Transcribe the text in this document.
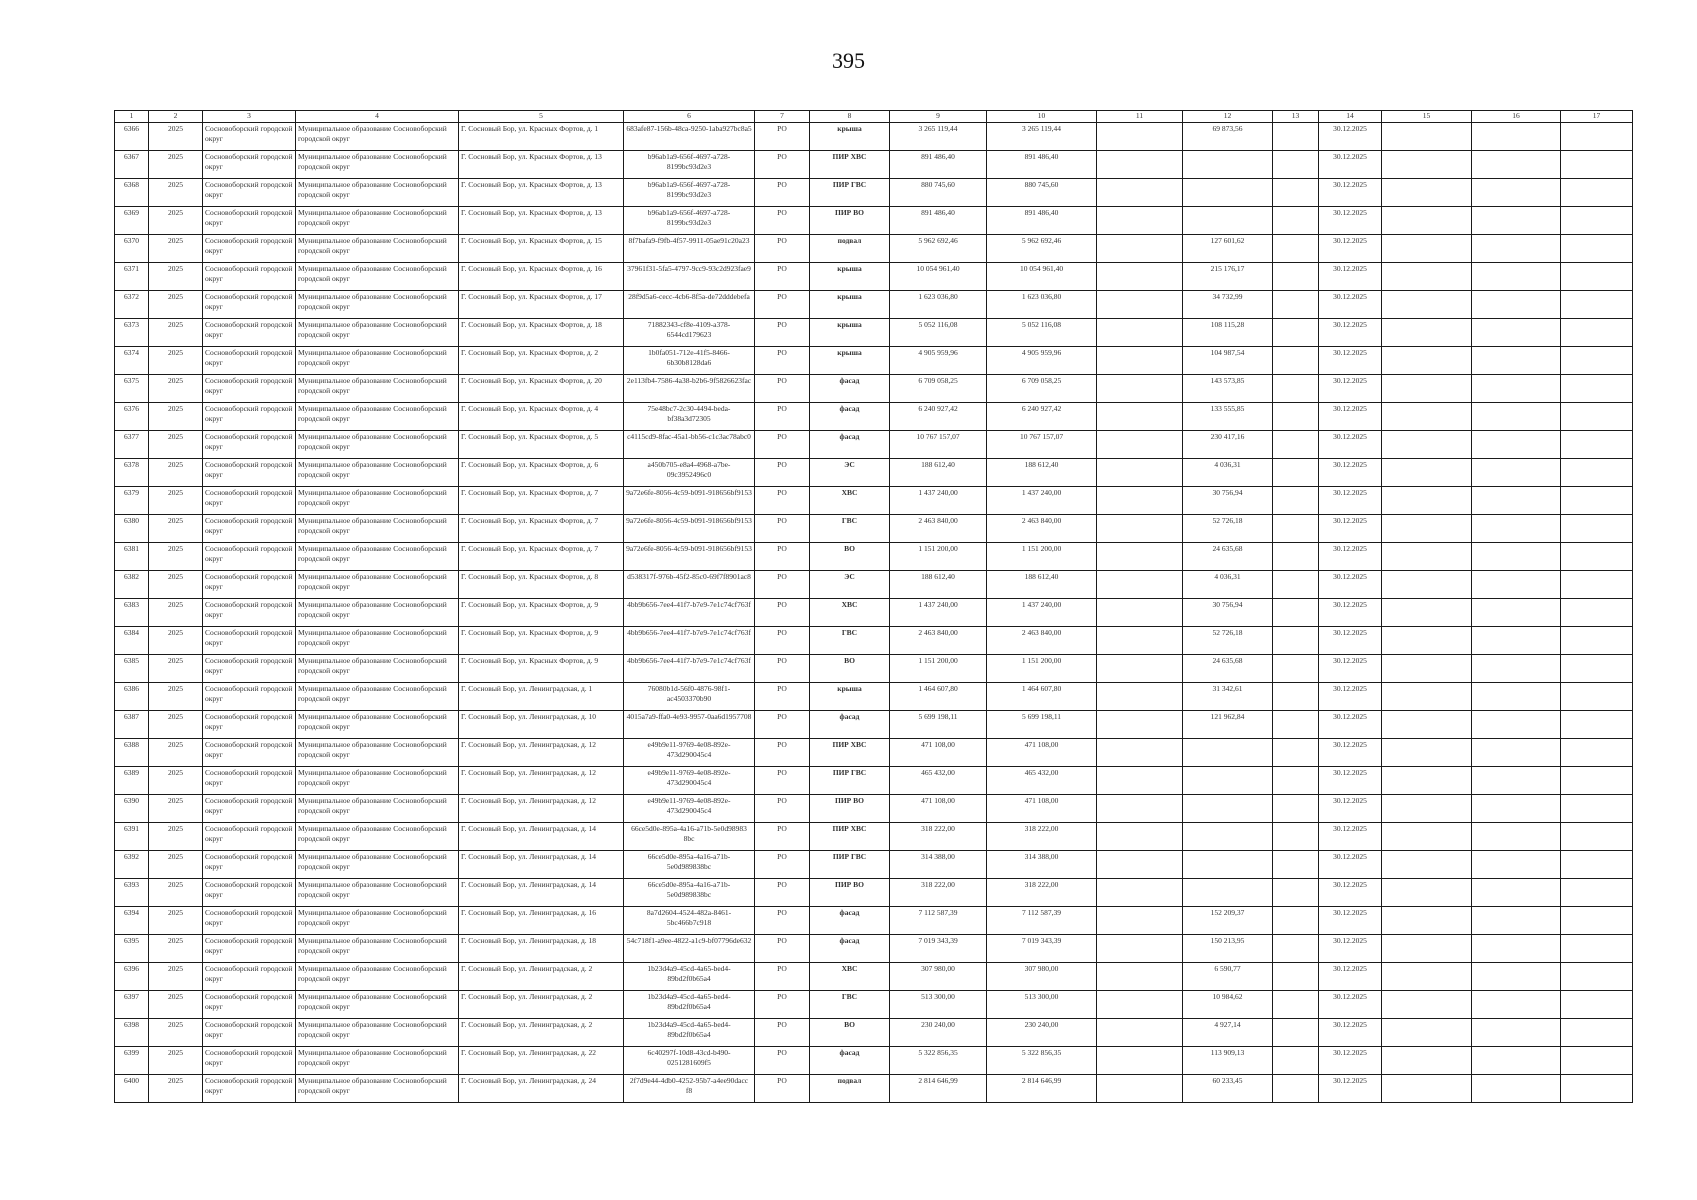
395
1	2	3	4	5	6	7	8	9	10	11	12	13	14	15	16	17
6366	2025	Сосновоборский городской округ	Муниципальное образование Сосновоборский городской округ	Г. Сосновый Бор, ул. Красных Фортов, д. 1	683afe87-156b-48ca-9250-1aba927bc8a5	РО	крыша	3 265 119,44	3 265 119,44		69 873,56		30.12.2025			
6367	2025	Сосновоборский городской округ	Муниципальное образование Сосновоборский городской округ	Г. Сосновый Бор, ул. Красных Фортов, д. 13	b96ab1a9-656f-4697-a728-8199bc93d2e3	РО	ПИР ХВС	891 486,40	891 486,40				30.12.2025			
6368	2025	Сосновоборский городской округ	Муниципальное образование Сосновоборский городской округ	Г. Сосновый Бор, ул. Красных Фортов, д. 13	b96ab1a9-656f-4697-a728-8199bc93d2e3	РО	ПИР ГВС	880 745,60	880 745,60				30.12.2025			
6369	2025	Сосновоборский городской округ	Муниципальное образование Сосновоборский городской округ	Г. Сосновый Бор, ул. Красных Фортов, д. 13	b96ab1a9-656f-4697-a728-8199bc93d2e3	РО	ПИР ВО	891 486,40	891 486,40				30.12.2025			
6370	2025	Сосновоборский городской округ	Муниципальное образование Сосновоборский городской округ	Г. Сосновый Бор, ул. Красных Фортов, д. 15	8f7bafa9-f9fb-4f57-9911-05ae91c20a23	РО	подвал	5 962 692,46	5 962 692,46		127 601,62		30.12.2025			
6371	2025	Сосновоборский городской округ	Муниципальное образование Сосновоборский городской округ	Г. Сосновый Бор, ул. Красных Фортов, д. 16	37961f31-5fa5-4797-9cc9-93c2d923fae9	РО	крыша	10 054 961,40	10 054 961,40		215 176,17		30.12.2025			
6372	2025	Сосновоборский городской округ	Муниципальное образование Сосновоборский городской округ	Г. Сосновый Бор, ул. Красных Фортов, д. 17	28f9d5a6-cecc-4cb6-8f5a-de72dddebefa	РО	крыша	1 623 036,80	1 623 036,80		34 732,99		30.12.2025			
6373	2025	Сосновоборский городской округ	Муниципальное образование Сосновоборский городской округ	Г. Сосновый Бор, ул. Красных Фортов, д. 18	71882343-cf8e-4109-a378-6544cd179623	РО	крыша	5 052 116,08	5 052 116,08		108 115,28		30.12.2025			
6374	2025	Сосновоборский городской округ	Муниципальное образование Сосновоборский городской округ	Г. Сосновый Бор, ул. Красных Фортов, д. 2	1b0fa051-712e-41f5-8466-6b30b8128da6	РО	крыша	4 905 959,96	4 905 959,96		104 987,54		30.12.2025			
6375	2025	Сосновоборский городской округ	Муниципальное образование Сосновоборский городской округ	Г. Сосновый Бор, ул. Красных Фортов, д. 20	2e113fb4-7586-4a38-b2b6-9f5826623fac	РО	фасад	6 709 058,25	6 709 058,25		143 573,85		30.12.2025			
6376	2025	Сосновоборский городской округ	Муниципальное образование Сосновоборский городской округ	Г. Сосновый Бор, ул. Красных Фортов, д. 4	75e48bc7-2c30-4494-beda-bf38a3d72305	РО	фасад	6 240 927,42	6 240 927,42		133 555,85		30.12.2025			
6377	2025	Сосновоборский городской округ	Муниципальное образование Сосновоборский городской округ	Г. Сосновый Бор, ул. Красных Фортов, д. 5	c4115cd9-8fac-45a1-bb56-c1c3ac78abc0	РО	фасад	10 767 157,07	10 767 157,07		230 417,16		30.12.2025			
6378	2025	Сосновоборский городской округ	Муниципальное образование Сосновоборский городской округ	Г. Сосновый Бор, ул. Красных Фортов, д. 6	a450b705-e8a4-4968-a7be-09c3952496c0	РО	ЭС	188 612,40	188 612,40		4 036,31		30.12.2025			
6379	2025	Сосновоборский городской округ	Муниципальное образование Сосновоборский городской округ	Г. Сосновый Бор, ул. Красных Фортов, д. 7	9a72e6fe-8056-4c59-b091-918656bf9153	РО	ХВС	1 437 240,00	1 437 240,00		30 756,94		30.12.2025			
6380	2025	Сосновоборский городской округ	Муниципальное образование Сосновоборский городской округ	Г. Сосновый Бор, ул. Красных Фортов, д. 7	9a72e6fe-8056-4c59-b091-918656bf9153	РО	ГВС	2 463 840,00	2 463 840,00		52 726,18		30.12.2025			
6381	2025	Сосновоборский городской округ	Муниципальное образование Сосновоборский городской округ	Г. Сосновый Бор, ул. Красных Фортов, д. 7	9a72e6fe-8056-4c59-b091-918656bf9153	РО	ВО	1 151 200,00	1 151 200,00		24 635,68		30.12.2025			
6382	2025	Сосновоборский городской округ	Муниципальное образование Сосновоборский городской округ	Г. Сосновый Бор, ул. Красных Фортов, д. 8	d538317f-976b-45f2-85c0-69f7f8901ac8	РО	ЭС	188 612,40	188 612,40		4 036,31		30.12.2025			
6383	2025	Сосновоборский городской округ	Муниципальное образование Сосновоборский городской округ	Г. Сосновый Бор, ул. Красных Фортов, д. 9	4bb9b656-7ee4-41f7-b7e9-7e1c74cf763f	РО	ХВС	1 437 240,00	1 437 240,00		30 756,94		30.12.2025			
6384	2025	Сосновоборский городской округ	Муниципальное образование Сосновоборский городской округ	Г. Сосновый Бор, ул. Красных Фортов, д. 9	4bb9b656-7ee4-41f7-b7e9-7e1c74cf763f	РО	ГВС	2 463 840,00	2 463 840,00		52 726,18		30.12.2025			
6385	2025	Сосновоборский городской округ	Муниципальное образование Сосновоборский городской округ	Г. Сосновый Бор, ул. Красных Фортов, д. 9	4bb9b656-7ee4-41f7-b7e9-7e1c74cf763f	РО	ВО	1 151 200,00	1 151 200,00		24 635,68		30.12.2025			
6386	2025	Сосновоборский городской округ	Муниципальное образование Сосновоборский городской округ	Г. Сосновый Бор, ул. Ленинградская, д. 1	76080b1d-56f0-4876-98f1-ac4503370b90	РО	крыша	1 464 607,80	1 464 607,80		31 342,61		30.12.2025			
6387	2025	Сосновоборский городской округ	Муниципальное образование Сосновоборский городской округ	Г. Сосновый Бор, ул. Ленинградская, д. 10	4015a7a9-ffa0-4e93-9957-0aa6d1957708	РО	фасад	5 699 198,11	5 699 198,11		121 962,84		30.12.2025			
6388	2025	Сосновоборский городской округ	Муниципальное образование Сосновоборский городской округ	Г. Сосновый Бор, ул. Ленинградская, д. 12	e49b9e11-9769-4e08-892e-473d290045c4	РО	ПИР ХВС	471 108,00	471 108,00				30.12.2025			
6389	2025	Сосновоборский городской округ	Муниципальное образование Сосновоборский городской округ	Г. Сосновый Бор, ул. Ленинградская, д. 12	e49b9e11-9769-4e08-892e-473d290045c4	РО	ПИР ГВС	465 432,00	465 432,00				30.12.2025			
6390	2025	Сосновоборский городской округ	Муниципальное образование Сосновоборский городской округ	Г. Сосновый Бор, ул. Ленинградская, д. 12	e49b9e11-9769-4e08-892e-473d290045c4	РО	ПИР ВО	471 108,00	471 108,00				30.12.2025			
6391	2025	Сосновоборский городской округ	Муниципальное образование Сосновоборский городской округ	Г. Сосновый Бор, ул. Ленинградская, д. 14	66ce5d0e-895a-4a16-a71b-5e0d98983 8bc	РО	ПИР ХВС	318 222,00	318 222,00				30.12.2025			
6392	2025	Сосновоборский городской округ	Муниципальное образование Сосновоборский городской округ	Г. Сосновый Бор, ул. Ленинградская, д. 14	66ce5d0e-895a-4a16-a71b-5e0d989838bc	РО	ПИР ГВС	314 388,00	314 388,00				30.12.2025			
6393	2025	Сосновоборский городской округ	Муниципальное образование Сосновоборский городской округ	Г. Сосновый Бор, ул. Ленинградская, д. 14	66ce5d0e-895a-4a16-a71b-5e0d989838bc	РО	ПИР ВО	318 222,00	318 222,00				30.12.2025			
6394	2025	Сосновоборский городской округ	Муниципальное образование Сосновоборский городской округ	Г. Сосновый Бор, ул. Ленинградская, д. 16	8a7d2604-4524-482a-8461-5bc466b7c918	РО	фасад	7 112 587,39	7 112 587,39		152 209,37		30.12.2025			
6395	2025	Сосновоборский городской округ	Муниципальное образование Сосновоборский городской округ	Г. Сосновый Бор, ул. Ленинградская, д. 18	54c718f1-a9ee-4822-a1c9-bf07796de632	РО	фасад	7 019 343,39	7 019 343,39		150 213,95		30.12.2025			
6396	2025	Сосновоборский городской округ	Муниципальное образование Сосновоборский городской округ	Г. Сосновый Бор, ул. Ленинградская, д. 2	1b23d4a9-45cd-4a65-bed4-89bd2f0b65a4	РО	ХВС	307 980,00	307 980,00		6 590,77		30.12.2025			
6397	2025	Сосновоборский городской округ	Муниципальное образование Сосновоборский городской округ	Г. Сосновый Бор, ул. Ленинградская, д. 2	1b23d4a9-45cd-4a65-bed4-89bd2f0b65a4	РО	ГВС	513 300,00	513 300,00		10 984,62		30.12.2025			
6398	2025	Сосновоборский городской округ	Муниципальное образование Сосновоборский городской округ	Г. Сосновый Бор, ул. Ленинградская, д. 2	1b23d4a9-45cd-4a65-bed4-89bd2f0b65a4	РО	ВО	230 240,00	230 240,00		4 927,14		30.12.2025			
6399	2025	Сосновоборский городской округ	Муниципальное образование Сосновоборский городской округ	Г. Сосновый Бор, ул. Ленинградская, д. 22	6c40297f-10d8-43cd-b490-0251281609f5	РО	фасад	5 322 856,35	5 322 856,35		113 909,13		30.12.2025			
6400	2025	Сосновоборский городской округ	Муниципальное образование Сосновоборский городской округ	Г. Сосновый Бор, ул. Ленинградская, д. 24	2f7d9e44-4db0-4252-95b7-a4ee90dacc f8	РО	подвал	2 814 646,99	2 814 646,99		60 233,45		30.12.2025			
